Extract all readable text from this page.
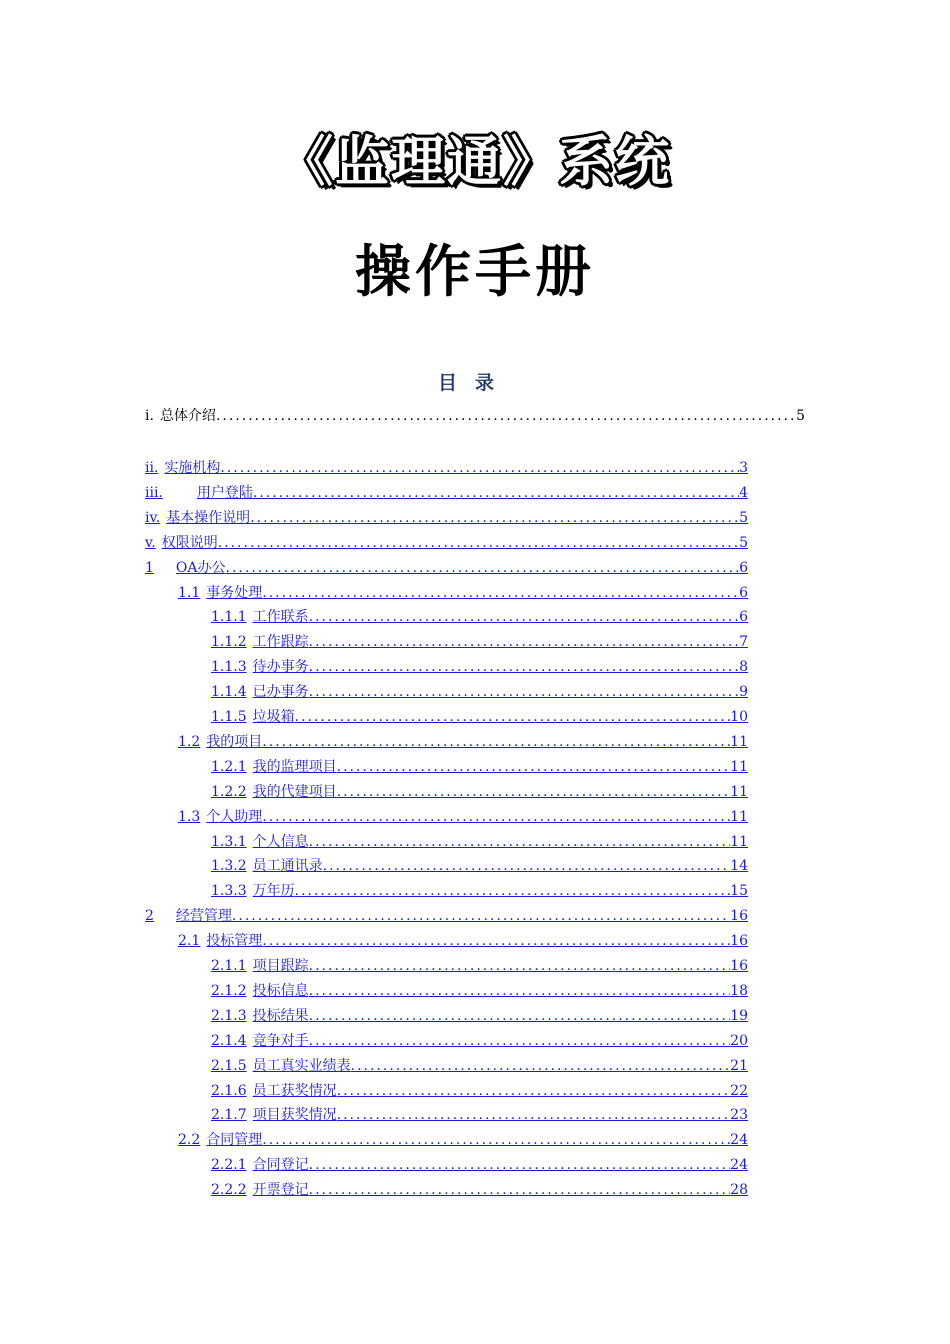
《监理通》系统
操作手册
目录
i. 总体介绍 .....	5
ii. 实施机构 .....	3
iii. 用户登陆 .....	4
iv. 基本操作说明 .....	5
v. 权限说明 .....	5
1 OA办公 .....	6
1.1 事务处理 .....	6
1.1.1 工作联系 .....	6
1.1.2 工作跟踪 .....	7
1.1.3 待办事务 .....	8
1.1.4 已办事务 .....	9
1.1.5 垃圾箱 .....	10
1.2 我的项目 .....	11
1.2.1 我的监理项目 .....	11
1.2.2 我的代建项目 .....	11
1.3 个人助理 .....	11
1.3.1 个人信息 .....	11
1.3.2 员工通讯录 .....	14
1.3.3 万年历 .....	15
2 经营管理 .....	16
2.1 投标管理 .....	16
2.1.1 项目跟踪 .....	16
2.1.2 投标信息 .....	18
2.1.3 投标结果 .....	19
2.1.4 竞争对手 .....	20
2.1.5 员工真实业绩表 .....	21
2.1.6 员工获奖情况 .....	22
2.1.7 项目获奖情况 .....	23
2.2 合同管理 .....	24
2.2.1 合同登记 .....	24
2.2.2 开票登记 .....	28
